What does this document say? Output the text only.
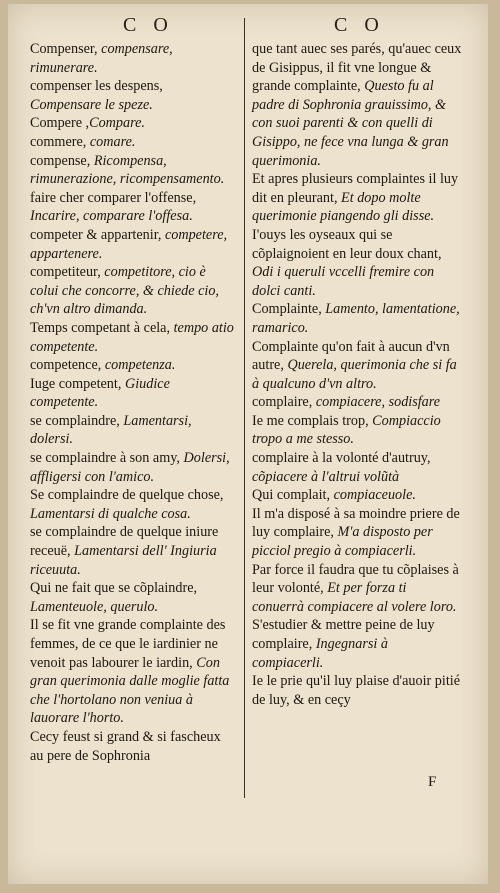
C O	C O

Compenser, compensare, rimunerare.

compenser les despens, Compensare le speze.

Compere ,Compare.

commere, comare.

compense, Ricompensa, rimunerazione, ricompensamento.

faire cher comparer l'offense, Incarire, comparare l'offesa.

competer & appartenir, competere, appartenere.

competiteur, competitore, cio è colui che concorre, & chiede cio, ch'vn altro dimanda.

Temps competant à cela, tempo atio competente.

competence, competenza.

Iuge competent, Giudice competente.

se complaindre, Lamentarsi, dolersi.

se complaindre à son amy, Dolersi, affligersi con l'amico.

Se complaindre de quelque chose, Lamentarsi di qualche cosa.

se complaindre de quelque iniure receuë, Lamentarsi dell' Ingiuria riceuuta.

Qui ne fait que se cõplaindre, Lamenteuole, querulo.

Il se fit vne grande complainte des femmes, de ce que le iardinier ne venoit pas labourer le iardin, Con gran querimonia dalle moglie fatta che l'hortolano non veniua à lauorare l'horto.

Cecy feust si grand & si fascheux au pere de Sophronia

que tant auec ses parés, qu'auec ceux de Gisippus, il fit vne longue & grande complainte, Questo fu al padre di Sophronia grauissimo, & con suoi parenti & con quelli di Gisippo, ne fece vna lunga & gran querimonia.

Et apres plusieurs complaintes il luy dit en pleurant, Et dopo molte querimonie piangendo gli disse.

I'ouys les oyseaux qui se cõplaignoient en leur doux chant, Odi i queruli vccelli fremire con dolci canti.

Complainte, Lamento, lamentatione, ramarico.

Complainte qu'on fait à aucun d'vn autre, Querela, querimonia che si fa à qualcuno d'vn altro.

complaire, compiacere, sodisfare

Ie me complais trop, Compiaccio tropo a me stesso.

complaire à la volonté d'autruy, cõpiacere à l'altrui volũtà

Qui complait, compiaceuole.

Il m'a disposé à sa moindre priere de luy complaire, M'a disposto per picciol pregio à compiacerli.

Par force il faudra que tu cõplaises à leur volonté, Et per forza ti conuerrà compiacere al volere loro.

S'estudier & mettre peine de luy complaire, Ingegnarsi à compiacerli.

Ie le prie qu'il luy plaise d'auoir pitié de luy, & en ceçy

F
